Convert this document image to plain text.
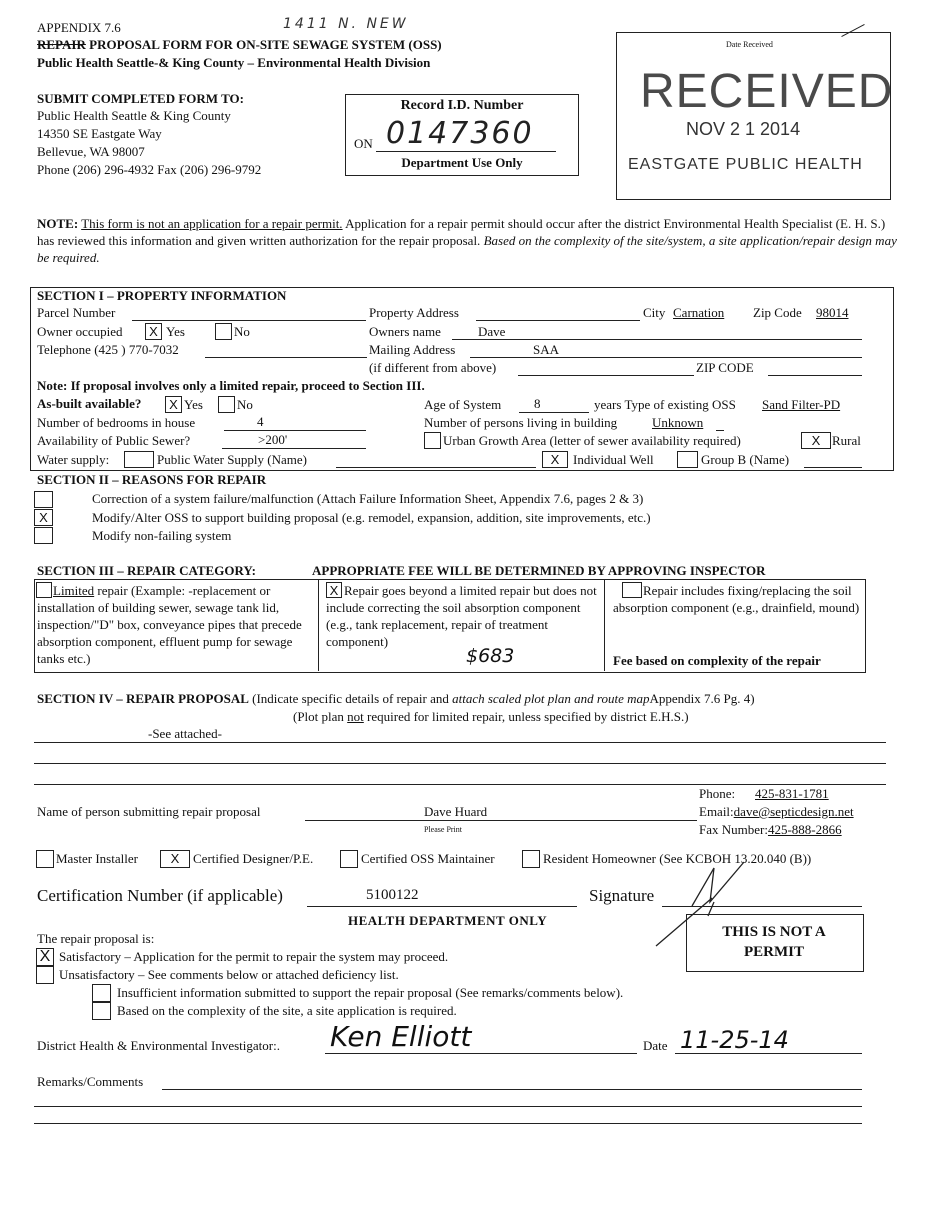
APPENDIX 7.6	1411 N. NEW
REPAIR PROPOSAL FORM FOR ON-SITE SEWAGE SYSTEM (OSS)
Public Health Seattle-& King County – Environmental Health Division
SUBMIT COMPLETED FORM TO:
Public Health Seattle & King County
14350 SE Eastgate Way
Bellevue, WA 98007
Phone (206) 296-4932 Fax (206) 296-9792
Record I.D. Number
ON 0147360
Department Use Only
Date Received
RECEIVED
NOV 2 1 2014
EASTGATE PUBLIC HEALTH
NOTE: This form is not an application for a repair permit. Application for a repair permit should occur after the district Environmental Health Specialist (E. H. S.) has reviewed this information and given written authorization for the repair proposal. Based on the complexity of the site/system, a site application/repair design may be required.
SECTION I – PROPERTY INFORMATION
Parcel Number	Property Address	City Carnation Zip Code 98014
Owner occupied	X Yes	No	Owners name	Dave
Telephone (425 ) 770-7032	Mailing Address	SAA
(if different from above)	ZIP CODE
Note: If proposal involves only a limited repair, proceed to Section III.
As-built available?	X Yes	No	Age of System	8	years Type of existing OSS Sand Filter-PD
Number of bedrooms in house	4	Number of persons living in building	Unknown
Availability of Public Sewer?	>200'	Urban Growth Area (letter of sewer availability required)	X Rural
Water supply:	Public Water Supply (Name)	X	Individual Well	Group B (Name)
SECTION II – REASONS FOR REPAIR
Correction of a system failure/malfunction (Attach Failure Information Sheet, Appendix 7.6, pages 2 & 3)
X	Modify/Alter OSS to support building proposal (e.g. remodel, expansion, addition, site improvements, etc.)
Modify non-failing system
SECTION III – REPAIR CATEGORY:	APPROPRIATE FEE WILL BE DETERMINED BY APPROVING INSPECTOR
Limited repair (Example: -replacement or installation of building sewer, sewage tank lid, inspection/"D" box, conveyance pipes that precede absorption component, effluent pump for sewage tanks etc.)
X Repair goes beyond a limited repair but does not include correcting the soil absorption component (e.g., tank replacement, repair of treatment component)
$683
Repair includes fixing/replacing the soil absorption component (e.g., drainfield, mound)
Fee based on complexity of the repair
SECTION IV – REPAIR PROPOSAL (Indicate specific details of repair and attach scaled plot plan and route mapAppendix 7.6 Pg. 4)
(Plot plan not required for limited repair, unless specified by district E.H.S.)
-See attached-
Phone: 425-831-1781
Name of person submitting repair proposal	Dave Huard
Please Print
Email:dave@septicdesign.net
Fax Number:425-888-2866
Master Installer	X	Certified Designer/P.E.	Certified OSS Maintainer	Resident Homeowner (See KCBOH 13.20.040 (B))
Certification Number (if applicable)	5100122	Signature
HEALTH DEPARTMENT ONLY
THIS IS NOT A PERMIT
The repair proposal is:
X Satisfactory – Application for the permit to repair the system may proceed.
Unsatisfactory – See comments below or attached deficiency list.
Insufficient information submitted to support the repair proposal (See remarks/comments below).
Based on the complexity of the site, a site application is required.
District Health & Environmental Investigator:. Ken Elliott	Date 11-25-14
Remarks/Comments
